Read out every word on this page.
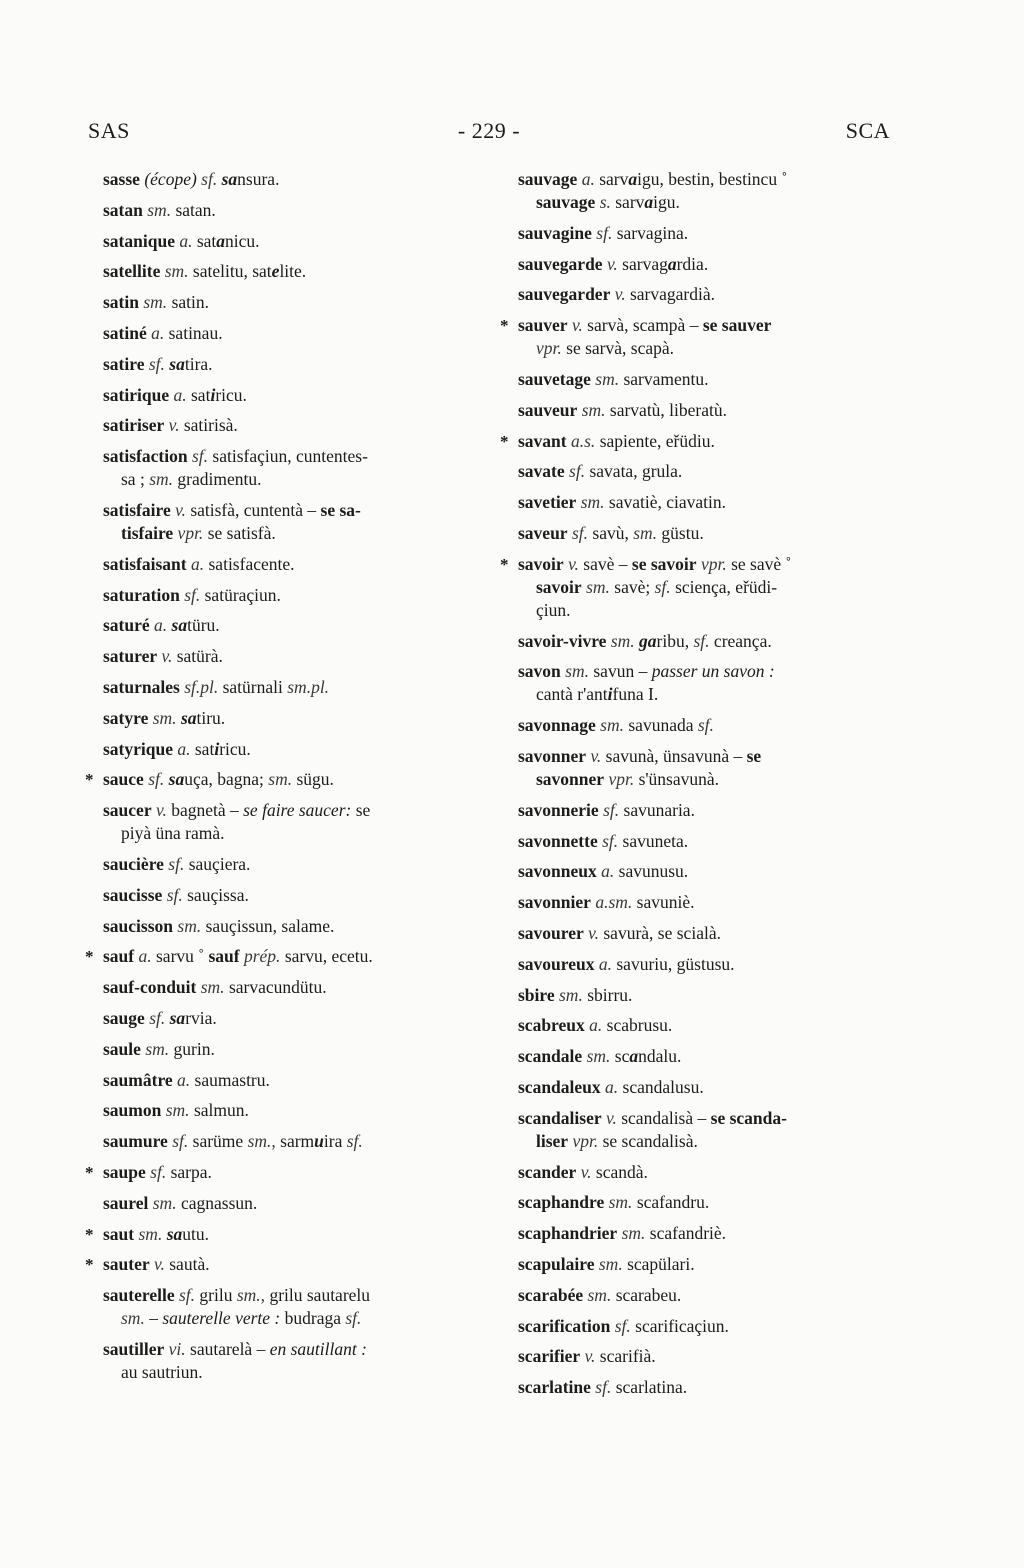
SAS	- 229 -	SCA
sasse (écope) sf. sansura.
satan sm. satan.
satanique a. satanicu.
satellite sm. satelitu, satelite.
satin sm. satin.
satiné a. satinau.
satire sf. satira.
satirique a. satiricu.
satiriser v. satirisà.
satisfaction sf. satisfaçiun, cuntentes-
sa ; sm. gradimentu.
satisfaire v. satisfà, cuntentà – se sa-
tisfaire vpr. se satisfà.
satisfaisant a. satisfacente.
saturation sf. satüraçiun.
saturé a. satüru.
saturer v. satürà.
saturnales sf.pl. satürnali sm.pl.
satyre sm. satiru.
satyrique a. satiricu.
* sauce sf. sauça, bagna; sm. sügu.
saucer v. bagnetà – se faire saucer: se
piyà üna ramà.
saucière sf. sauçiera.
saucisse sf. sauçissa.
saucisson sm. sauçissun, salame.
* sauf a. sarvu ˚ sauf prép. sarvu, ecetu.
sauf-conduit sm. sarvacundütu.
sauge sf. sarvia.
saule sm. gurin.
saumâtre a. saumastru.
saumon sm. salmun.
saumure sf. sarüme sm., sarmuira sf.
* saupe sf. sarpa.
saurel sm. cagnassun.
* saut sm. sautu.
* sauter v. sautà.
sauterelle sf. grilu sm., grilu sautarelu
sm. – sauterelle verte : budraga sf.
sautiller vi. sautarelà – en sautillant :
au sautriun.
sauvage a. sarvaigu, bestin, bestincu ˚
sauvage s. sarvaigu.
sauvagine sf. sarvagina.
sauvegarde v. sarvagardia.
sauvegarder v. sarvagardià.
* sauver v. sarvà, scampà – se sauver
vpr. se sarvà, scapà.
sauvetage sm. sarvamentu.
sauveur sm. sarvatù, liberatù.
* savant a.s. sapiente, eřüdiu.
savate sf. savata, grula.
savetier sm. savatiè, ciavatin.
saveur sf. savù, sm. güstu.
* savoir v. savè – se savoir vpr. se savè ˚
savoir sm. savè; sf. sciença, eřüdi-
çiun.
savoir-vivre sm. garibu, sf. creança.
savon sm. savun – passer un savon :
cantà r'antifuna I.
savonnage sm. savunada sf.
savonner v. savunà, ünsavunà – se
savonner vpr. s'ünsavunà.
savonnerie sf. savunaria.
savonnette sf. savuneta.
savonneux a. savunusu.
savonnier a.sm. savuniè.
savourer v. savurà, se scialà.
savoureux a. savuriu, güstusu.
sbire sm. sbirru.
scabreux a. scabrusu.
scandale sm. scandalu.
scandaleux a. scandalusu.
scandaliser v. scandalisà – se scanda-
liser vpr. se scandalisà.
scander v. scandà.
scaphandre sm. scafandru.
scaphandrier sm. scafandriè.
scapulaire sm. scapülari.
scarabée sm. scarabeu.
scarification sf. scarificaçiun.
scarifier v. scarifià.
scarlatine sf. scarlatina.
